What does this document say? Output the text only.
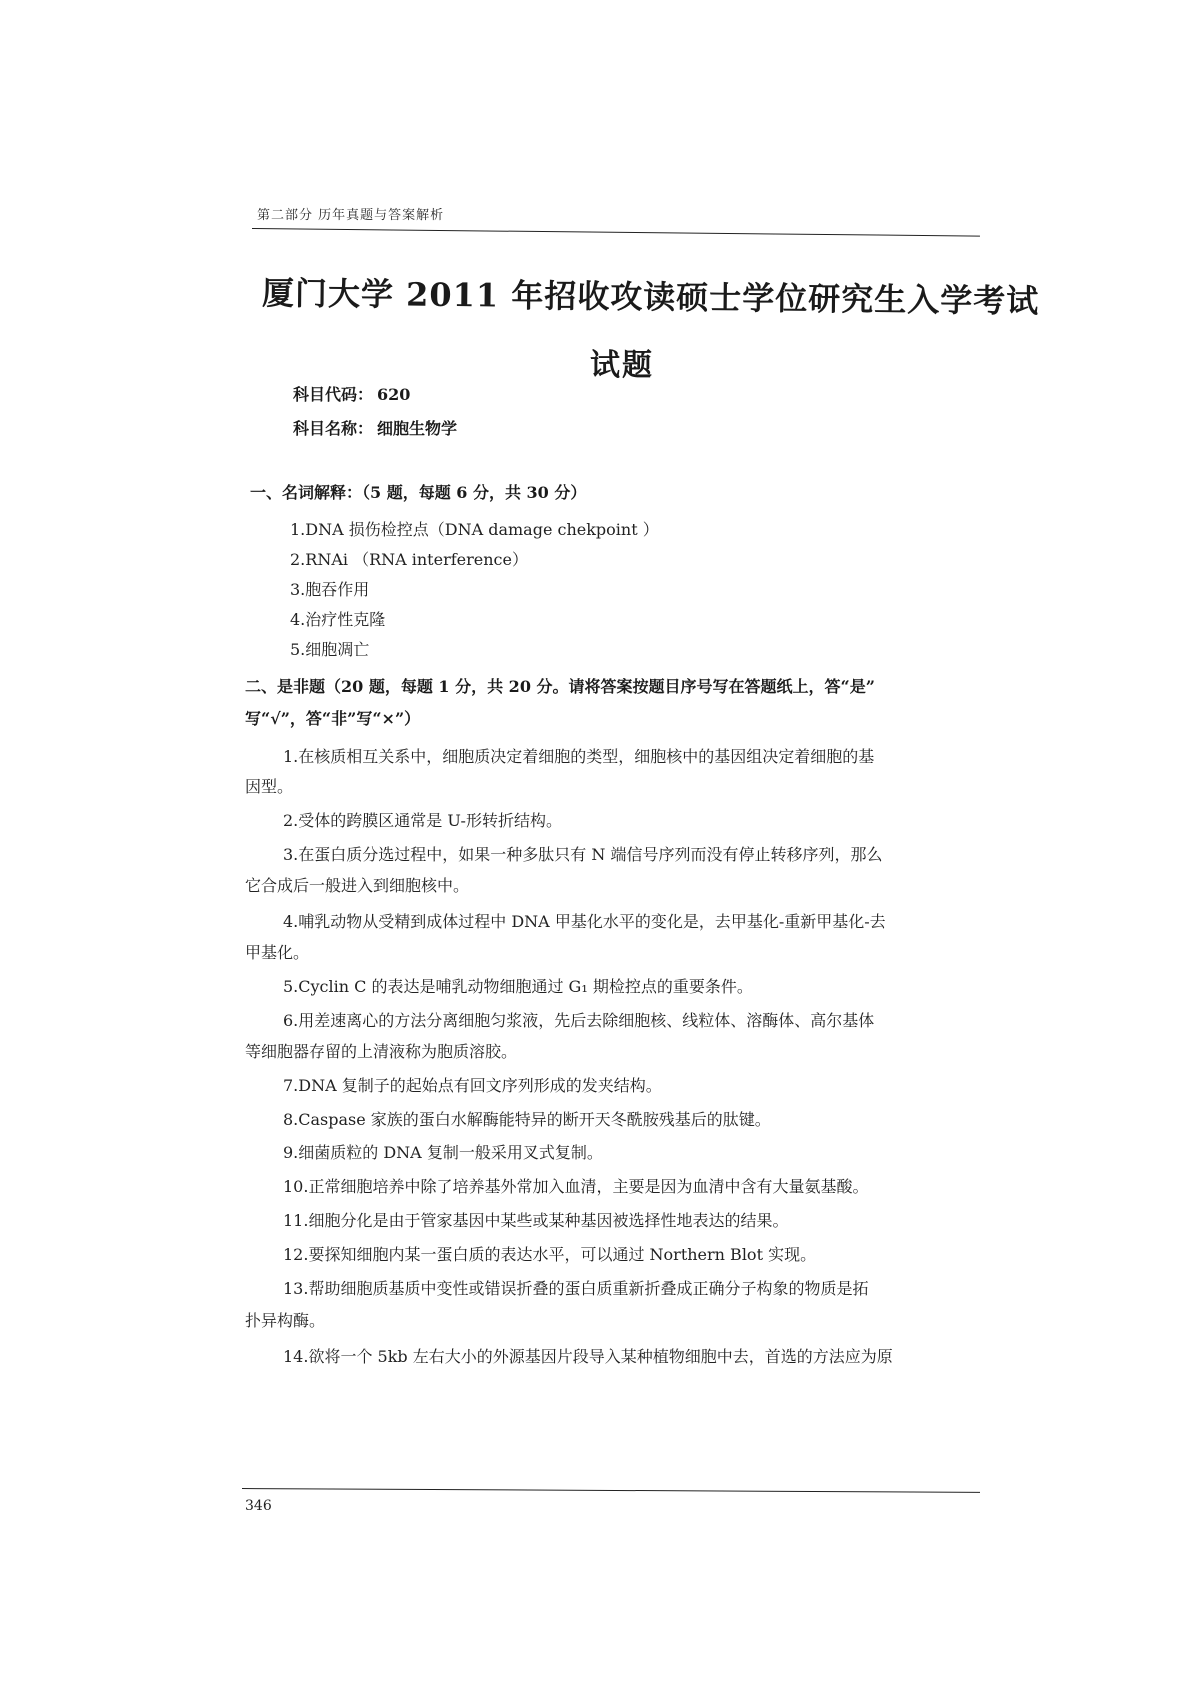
第二部分 历年真题与答案解析
厦门大学 2011 年招收攻读硕士学位研究生入学考试
试题
科目代码： 620
科目名称： 细胞生物学
一、名词解释：（5 题，每题 6 分，共 30 分）
1.DNA 损伤检控点（DNA damage chekpoint ）
2.RNAi （RNA interference）
3.胞吞作用
4.治疗性克隆
5.细胞凋亡
二、是非题（20 题，每题 1 分，共 20 分。请将答案按题目序号写在答题纸上，答“是”
写“√”，答“非”写“×”）
1.在核质相互关系中，细胞质决定着细胞的类型，细胞核中的基因组决定着细胞的基
因型。
2.受体的跨膜区通常是 U-形转折结构。
3.在蛋白质分选过程中，如果一种多肽只有 N 端信号序列而没有停止转移序列，那么
它合成后一般进入到细胞核中。
4.哺乳动物从受精到成体过程中 DNA 甲基化水平的变化是，去甲基化-重新甲基化-去
甲基化。
5.Cyclin C 的表达是哺乳动物细胞通过 G₁ 期检控点的重要条件。
6.用差速离心的方法分离细胞匀浆液，先后去除细胞核、线粒体、溶酶体、高尔基体
等细胞器存留的上清液称为胞质溶胶。
7.DNA 复制子的起始点有回文序列形成的发夹结构。
8.Caspase 家族的蛋白水解酶能特异的断开天冬酰胺残基后的肽键。
9.细菌质粒的 DNA 复制一般采用叉式复制。
10.正常细胞培养中除了培养基外常加入血清，主要是因为血清中含有大量氨基酸。
11.细胞分化是由于管家基因中某些或某种基因被选择性地表达的结果。
12.要探知细胞内某一蛋白质的表达水平，可以通过 Northern Blot 实现。
13.帮助细胞质基质中变性或错误折叠的蛋白质重新折叠成正确分子构象的物质是拓
扑异构酶。
14.欲将一个 5kb 左右大小的外源基因片段导入某种植物细胞中去，首选的方法应为原
346
